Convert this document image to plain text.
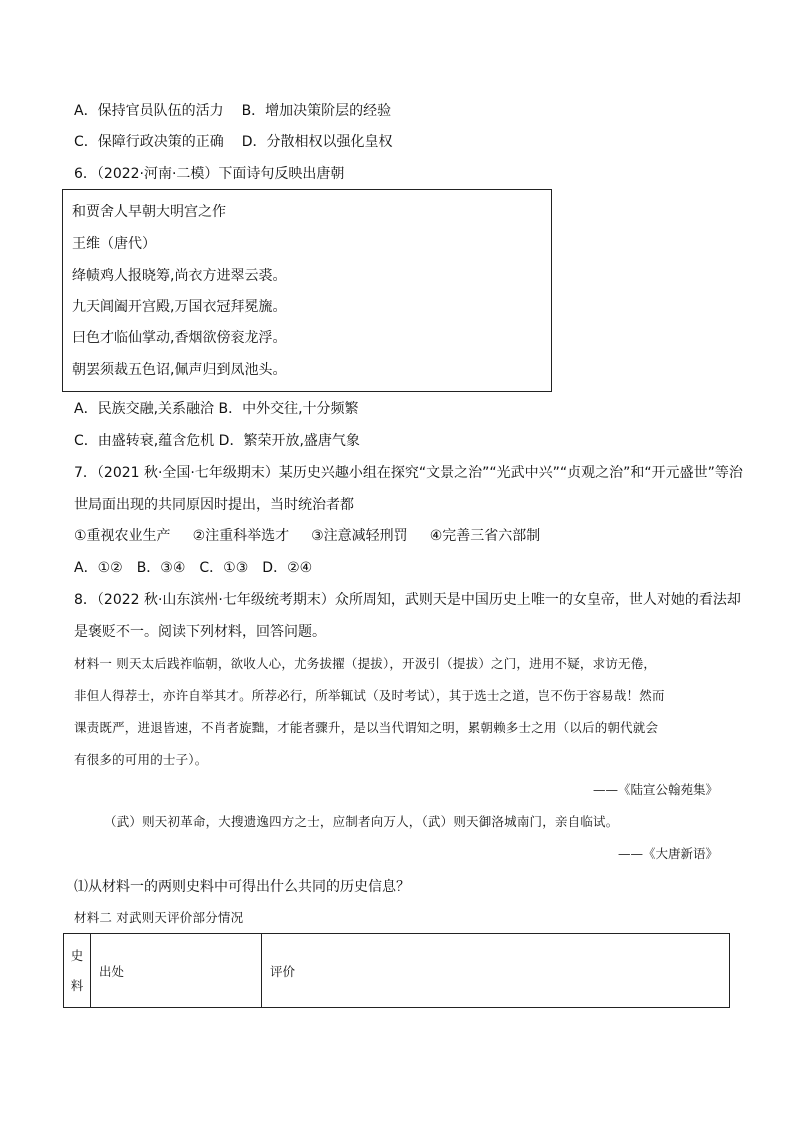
A．保持官员队伍的活力 B．增加决策阶层的经验
C．保障行政决策的正确 D．分散相权以强化皇权
6．（2022·河南·二模）下面诗句反映出唐朝
和贾舍人早朝大明宫之作
王维（唐代）
绛帻鸡人报晓筹,尚衣方进翠云裘。
九天阊阖开宫殿,万国衣冠拜冕旒。
曰色才临仙掌动,香烟欲傍衮龙浮。
朝罢须裁五色诏,佩声归到凤池头。
A．民族交融,关系融洽 B．中外交往,十分频繁
C．由盛转衰,蕴含危机 D．繁荣开放,盛唐气象
7．（2021 秋·全国·七年级期末）某历史兴趣小组在探究“文景之治”“光武中兴”“贞观之治”和“开元盛世”等治
世局面出现的共同原因时提出，当时统治者都
①重视农业生产 ②注重科举选才 ③注意减轻刑罚 ④完善三省六部制
A．①② B．③④ C．①③ D．②④
8．（2022 秋·山东滨州·七年级统考期末）众所周知，武则天是中国历史上唯一的女皇帝，世人对她的看法却
是褒贬不一。阅读下列材料，回答问题。
材料一 则天太后践祚临朝，欲收人心，尤务拔擢（提拔），开汲引（提拔）之门，进用不疑，求访无倦，
非但人得荐士，亦许自举其才。所荐必行，所举辄试（及时考试），其于选士之道，岂不伤于容易哉！然而
课责既严，进退皆速，不肖者旋黜，才能者骤升，是以当代谓知之明，累朝赖多士之用（以后的朝代就会
有很多的可用的士子）。
——《陆宣公翰苑集》
（武）则天初革命，大搜遗逸四方之士，应制者向万人，（武）则天御洛城南门，亲自临试。
——《大唐新语》
⑴从材料一的两则史料中可得出什么共同的历史信息？
材料二 对武则天评价部分情况
史
料
	出处	评价
